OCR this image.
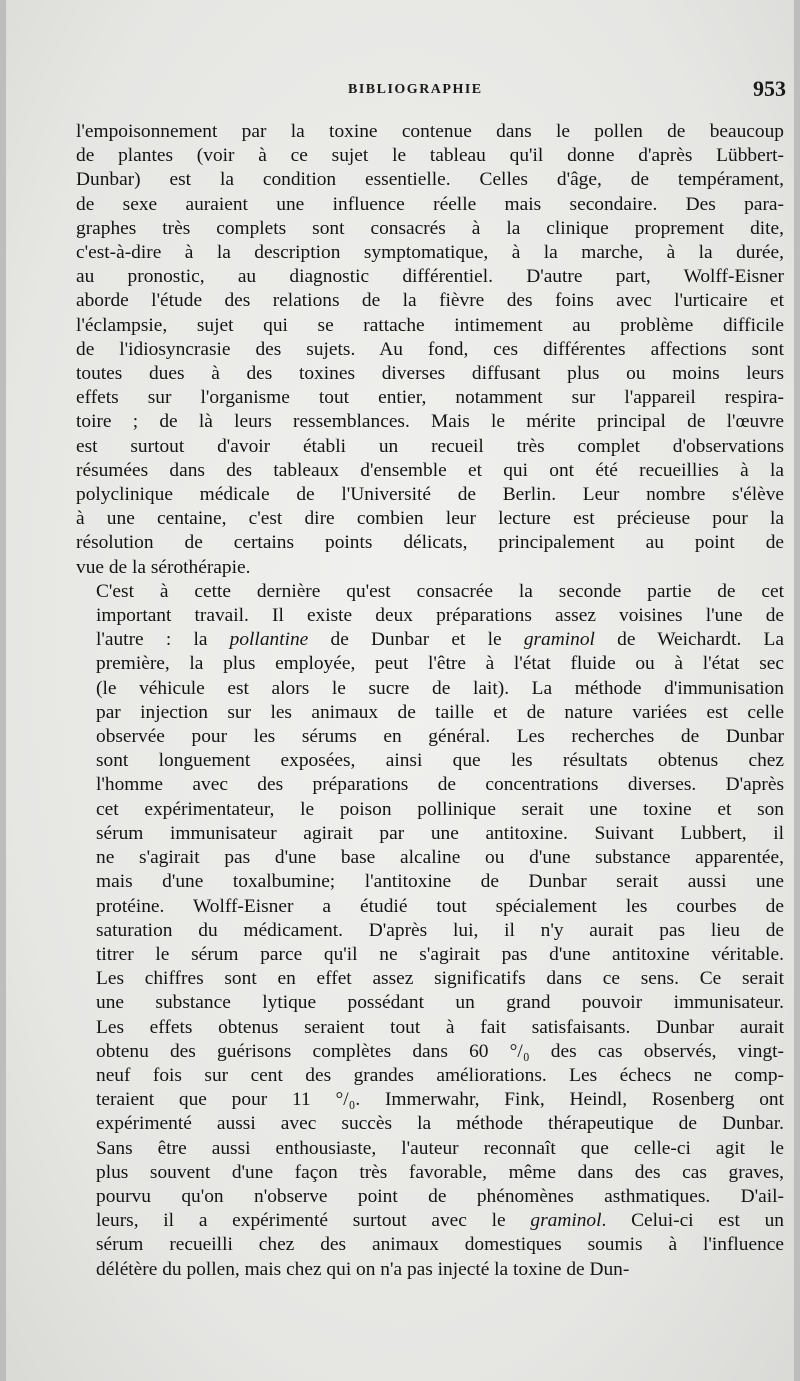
BIBLIOGRAPHIE	953

l'empoisonnement par la toxine contenue dans le pollen de beaucoup
de plantes (voir à ce sujet le tableau qu'il donne d'après Lübbert-
Dunbar) est la condition essentielle. Celles d'âge, de tempérament,
de sexe auraient une influence réelle mais secondaire. Des para-
graphes très complets sont consacrés à la clinique proprement dite,
c'est-à-dire à la description symptomatique, à la marche, à la durée,
au pronostic, au diagnostic différentiel. D'autre part, Wolff-Eisner
aborde l'étude des relations de la fièvre des foins avec l'urticaire et
l'éclampsie, sujet qui se rattache intimement au problème difficile
de l'idiosyncrasie des sujets. Au fond, ces différentes affections sont
toutes dues à des toxines diverses diffusant plus ou moins leurs
effets sur l'organisme tout entier, notamment sur l'appareil respira-
toire ; de là leurs ressemblances. Mais le mérite principal de l'œuvre
est surtout d'avoir établi un recueil très complet d'observations
résumées dans des tableaux d'ensemble et qui ont été recueillies à la
polyclinique médicale de l'Université de Berlin. Leur nombre s'élève
à une centaine, c'est dire combien leur lecture est précieuse pour la
résolution de certains points délicats, principalement au point de
vue de la sérothérapie.

C'est à cette dernière qu'est consacrée la seconde partie de cet
important travail. Il existe deux préparations assez voisines l'une de
l'autre : la pollantine de Dunbar et le graminol de Weichardt. La
première, la plus employée, peut l'être à l'état fluide ou à l'état sec
(le véhicule est alors le sucre de lait). La méthode d'immunisation
par injection sur les animaux de taille et de nature variées est celle
observée pour les sérums en général. Les recherches de Dunbar
sont longuement exposées, ainsi que les résultats obtenus chez
l'homme avec des préparations de concentrations diverses. D'après
cet expérimentateur, le poison pollinique serait une toxine et son
sérum immunisateur agirait par une antitoxine. Suivant Lubbert, il
ne s'agirait pas d'une base alcaline ou d'une substance apparentée,
mais d'une toxalbumine; l'antitoxine de Dunbar serait aussi une
protéine. Wolff-Eisner a étudié tout spécialement les courbes de
saturation du médicament. D'après lui, il n'y aurait pas lieu de
titrer le sérum parce qu'il ne s'agirait pas d'une antitoxine véritable.
Les chiffres sont en effet assez significatifs dans ce sens. Ce serait
une substance lytique possédant un grand pouvoir immunisateur.
Les effets obtenus seraient tout à fait satisfaisants. Dunbar aurait
obtenu des guérisons complètes dans 60 °/₀ des cas observés, vingt-
neuf fois sur cent des grandes améliorations. Les échecs ne comp-
teraient que pour 11 °/₀. Immerwahr, Fink, Heindl, Rosenberg ont
expérimenté aussi avec succès la méthode thérapeutique de Dunbar.
Sans être aussi enthousiaste, l'auteur reconnaît que celle-ci agit le
plus souvent d'une façon très favorable, même dans des cas graves,
pourvu qu'on n'observe point de phénomènes asthmatiques. D'ail-
leurs, il a expérimenté surtout avec le graminol. Celui-ci est un
sérum recueilli chez des animaux domestiques soumis à l'influence
délétère du pollen, mais chez qui on n'a pas injecté la toxine de Dun-
